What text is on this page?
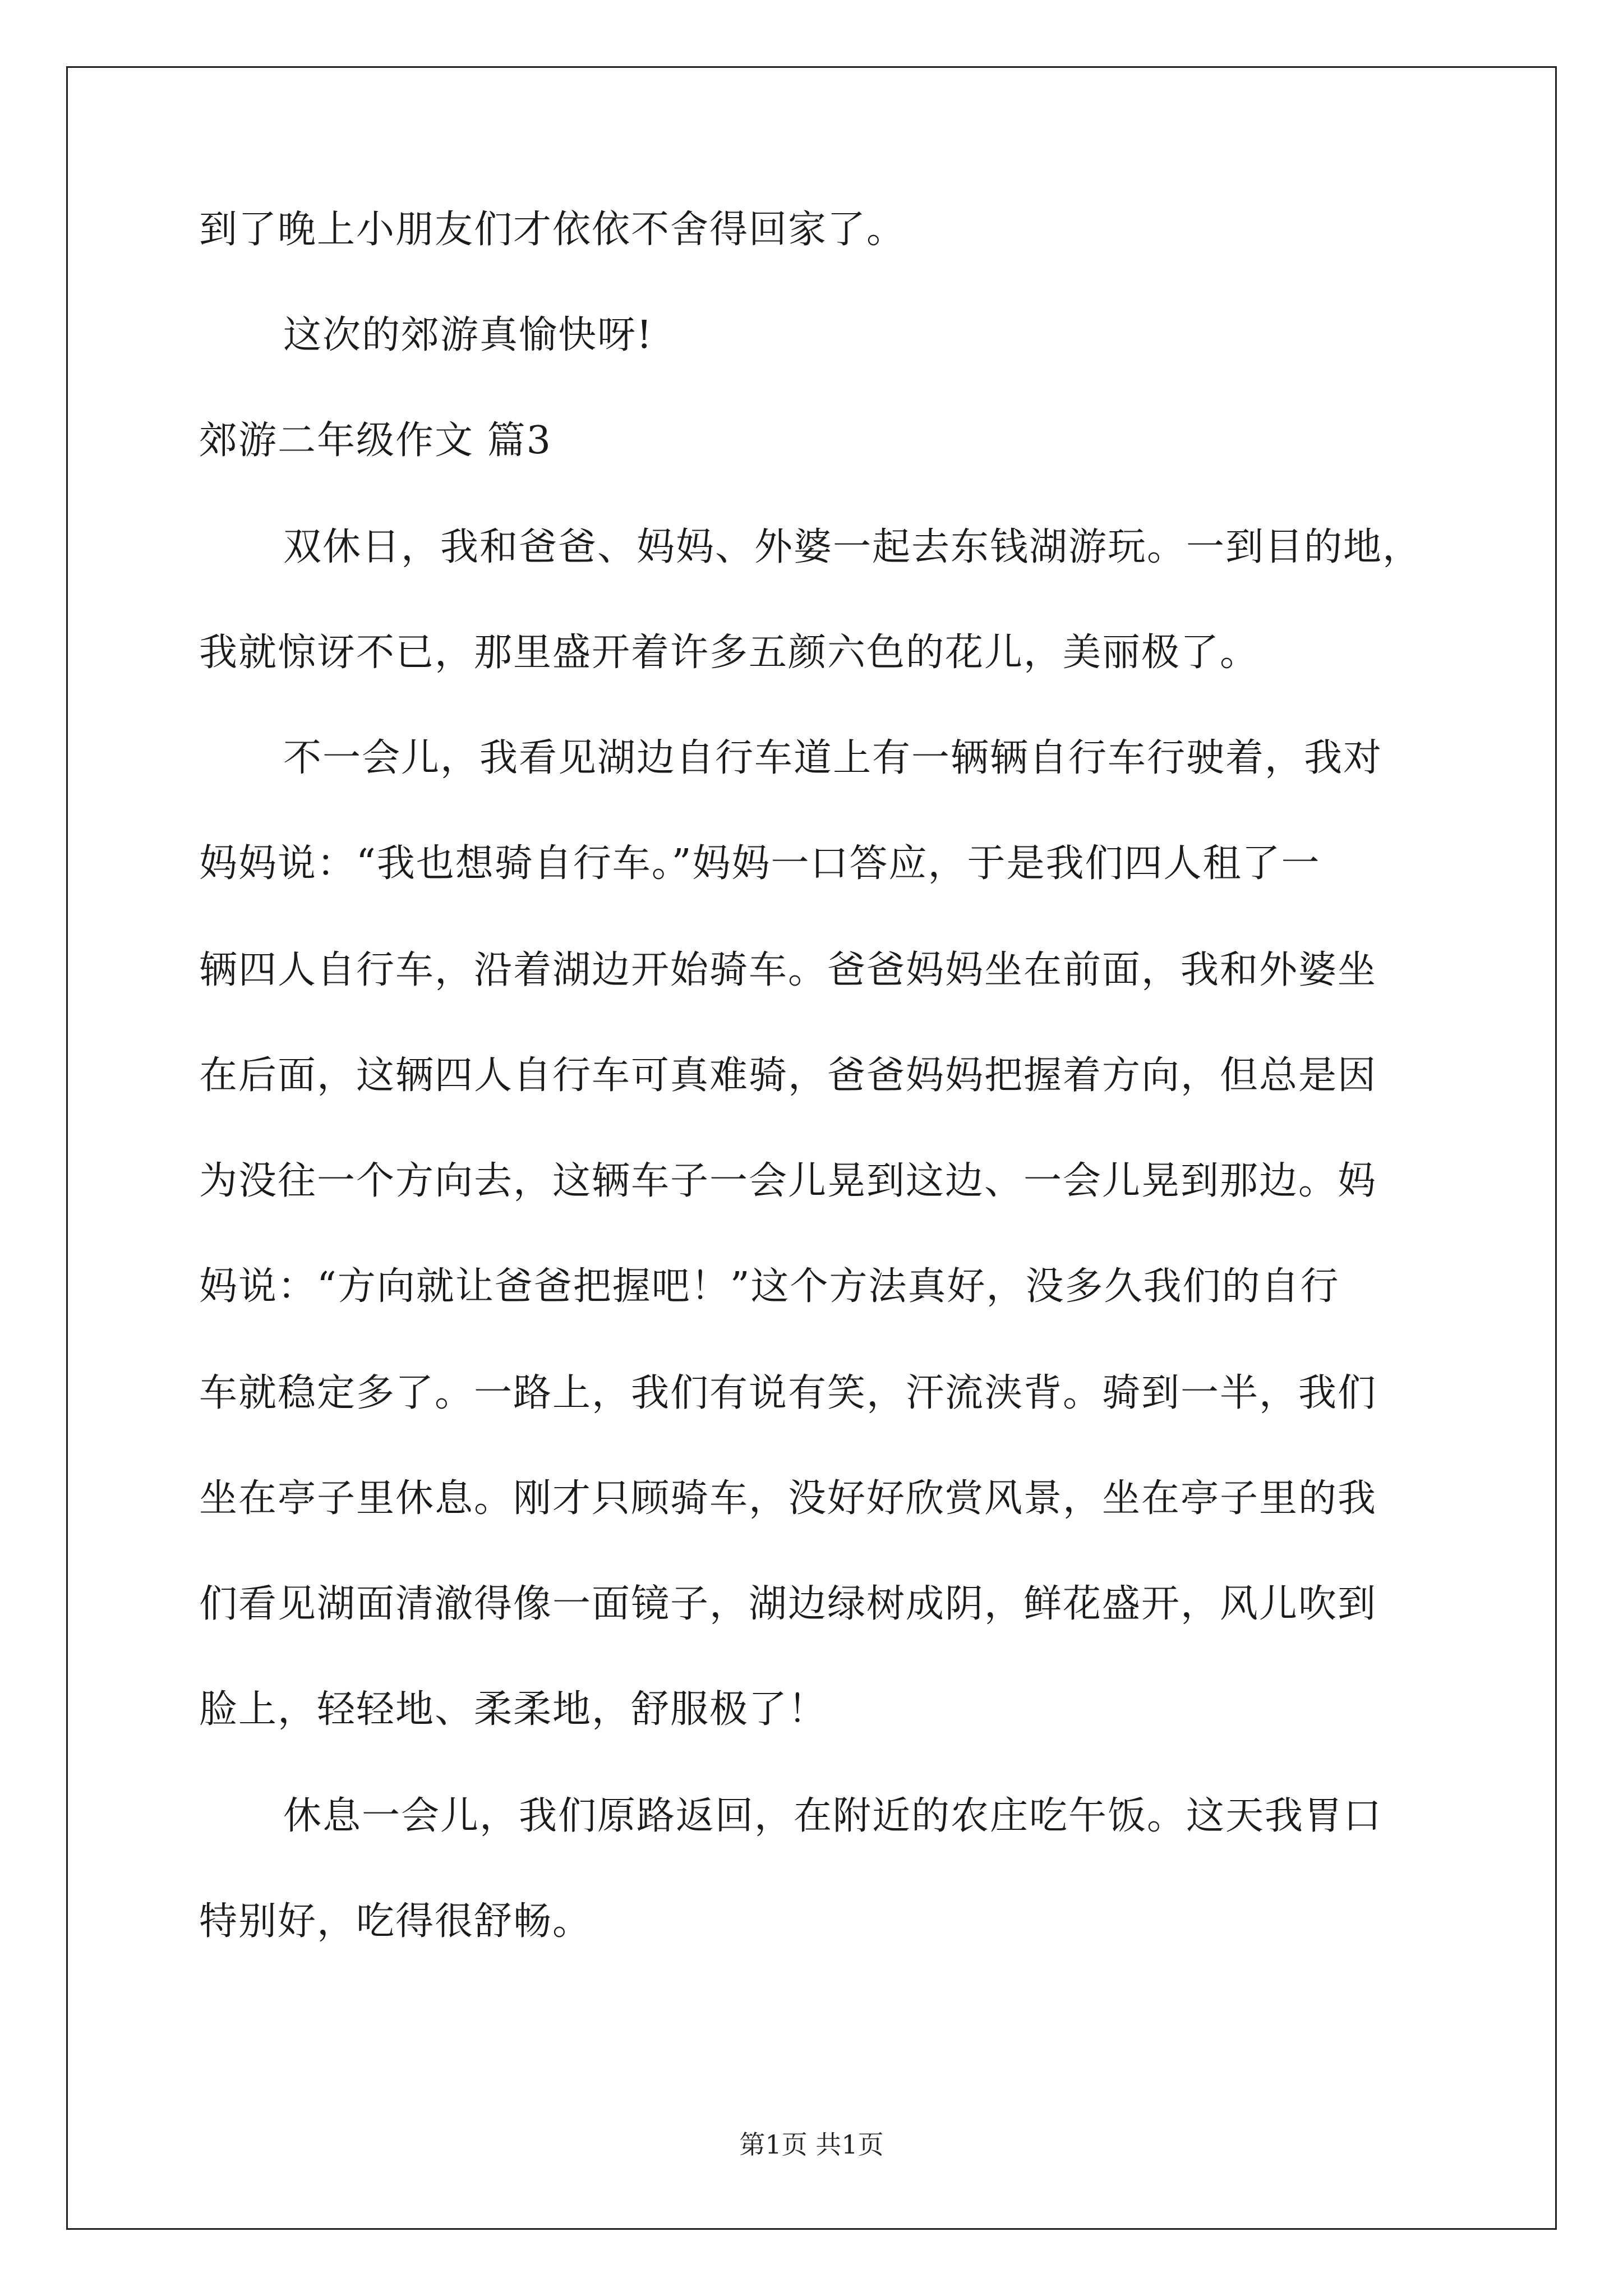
到了晚上小朋友们才依依不舍得回家了。
这次的郊游真愉快呀!
郊游二年级作文 篇3
双休日，我和爸爸、妈妈、外婆一起去东钱湖游玩。一到目的地，
我就惊讶不已，那里盛开着许多五颜六色的花儿，美丽极了。
不一会儿，我看见湖边自行车道上有一辆辆自行车行驶着，我对
妈妈说：“我也想骑自行车。”妈妈一口答应，于是我们四人租了一
辆四人自行车，沿着湖边开始骑车。爸爸妈妈坐在前面，我和外婆坐
在后面，这辆四人自行车可真难骑，爸爸妈妈把握着方向，但总是因
为没往一个方向去，这辆车子一会儿晃到这边、一会儿晃到那边。妈
妈说：“方向就让爸爸把握吧！”这个方法真好，没多久我们的自行
车就稳定多了。一路上，我们有说有笑，汗流浃背。骑到一半，我们
坐在亭子里休息。刚才只顾骑车，没好好欣赏风景，坐在亭子里的我
们看见湖面清澈得像一面镜子，湖边绿树成阴，鲜花盛开，风儿吹到
脸上，轻轻地、柔柔地，舒服极了！
休息一会儿，我们原路返回，在附近的农庄吃午饭。这天我胃口
特别好，吃得很舒畅。
第1页 共1页
